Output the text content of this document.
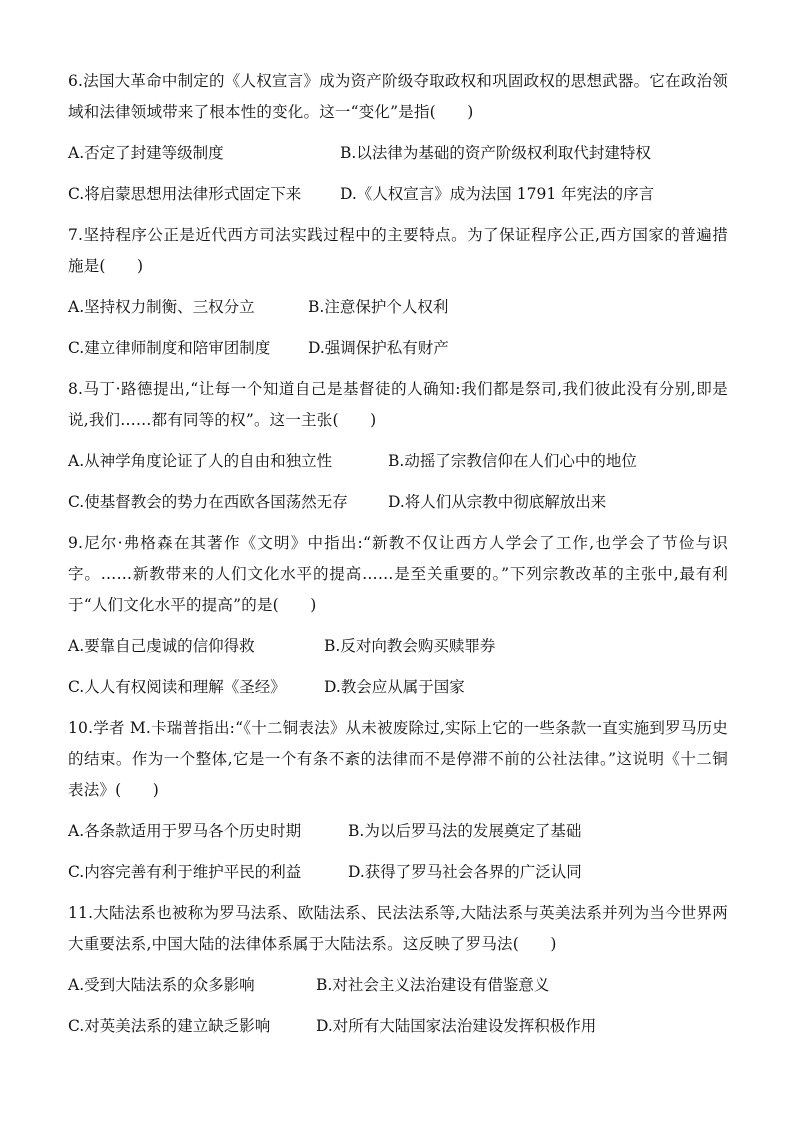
6.法国大革命中制定的《人权宣言》成为资产阶级夺取政权和巩固政权的思想武器。它在政治领域和法律领域带来了根本性的变化。这一“变化”是指(　　)

A.否定了封建等级制度	B.以法律为基础的资产阶级权利取代封建特权
C.将启蒙思想用法律形式固定下来	D.《人权宣言》成为法国 1791 年宪法的序言

7.坚持程序公正是近代西方司法实践过程中的主要特点。为了保证程序公正,西方国家的普遍措施是(　　)

A.坚持权力制衡、三权分立	B.注意保护个人权利
C.建立律师制度和陪审团制度	D.强调保护私有财产

8.马丁·路德提出,“让每一个知道自己是基督徒的人确知:我们都是祭司,我们彼此没有分别,即是说,我们……都有同等的权”。这一主张(　　)

A.从神学角度论证了人的自由和独立性	B.动摇了宗教信仰在人们心中的地位
C.使基督教会的势力在西欧各国荡然无存	D.将人们从宗教中彻底解放出来

9.尼尔·弗格森在其著作《文明》中指出:“新教不仅让西方人学会了工作,也学会了节俭与识字。……新教带来的人们文化水平的提高……是至关重要的。”下列宗教改革的主张中,最有利于“人们文化水平的提高”的是(　　)

A.要靠自己虔诚的信仰得救	B.反对向教会购买赎罪券
C.人人有权阅读和理解《圣经》	D.教会应从属于国家

10.学者 M.卡瑞普指出:“《十二铜表法》从未被废除过,实际上它的一些条款一直实施到罗马历史的结束。作为一个整体,它是一个有条不紊的法律而不是停滞不前的公社法律。”这说明《十二铜表法》(　　)

A.各条款适用于罗马各个历史时期	B.为以后罗马法的发展奠定了基础
C.内容完善有利于维护平民的利益	D.获得了罗马社会各界的广泛认同

11.大陆法系也被称为罗马法系、欧陆法系、民法法系等,大陆法系与英美法系并列为当今世界两大重要法系,中国大陆的法律体系属于大陆法系。这反映了罗马法(　　)

A.受到大陆法系的众多影响	B.对社会主义法治建设有借鉴意义
C.对英美法系的建立缺乏影响	D.对所有大陆国家法治建设发挥积极作用
